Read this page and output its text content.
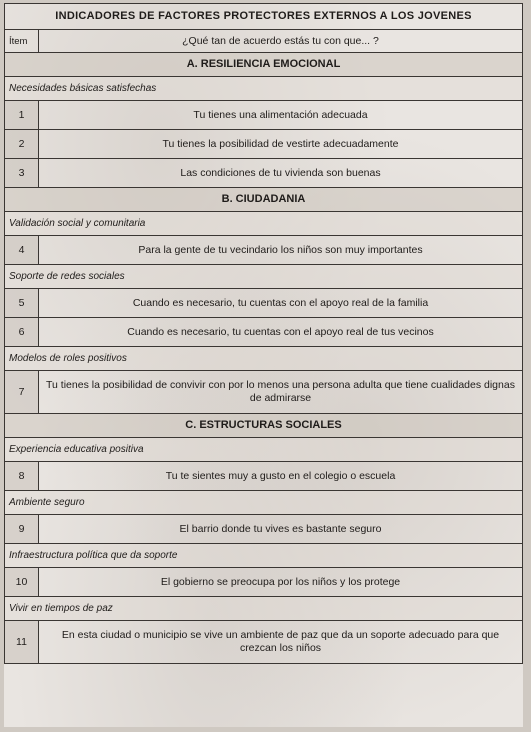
INDICADORES DE FACTORES PROTECTORES EXTERNOS A LOS JOVENES	
Ítem	¿Qué tan de acuerdo estás tu con que... ?
A. RESILIENCIA EMOCIONAL	
Necesidades básicas satisfechas	
1	Tu tienes una alimentación adecuada
2	Tu tienes la posibilidad de vestirte adecuadamente
3	Las condiciones de tu vivienda son buenas
B. CIUDADANIA	
Validación social y comunitaria	
4	Para la gente de tu vecindario los niños son muy importantes
Soporte de redes sociales	
5	Cuando es necesario, tu cuentas con el apoyo real de la familia
6	Cuando es necesario, tu cuentas con el apoyo real de tus vecinos
Modelos de roles positivos	
7	Tu tienes la posibilidad de convivir con por lo menos una persona adulta que tiene cualidades dignas de admirarse
C. ESTRUCTURAS SOCIALES	
Experiencia educativa positiva	
8	Tu te sientes muy a gusto en el colegio o escuela
Ambiente seguro	
9	El barrio donde tu vives es bastante seguro
Infraestructura política que da soporte	
10	El gobierno se preocupa por los niños y los protege
Vivir en tiempos de paz	
11	En esta ciudad o municipio se vive un ambiente de paz que da un soporte adecuado para que crezcan los niños
